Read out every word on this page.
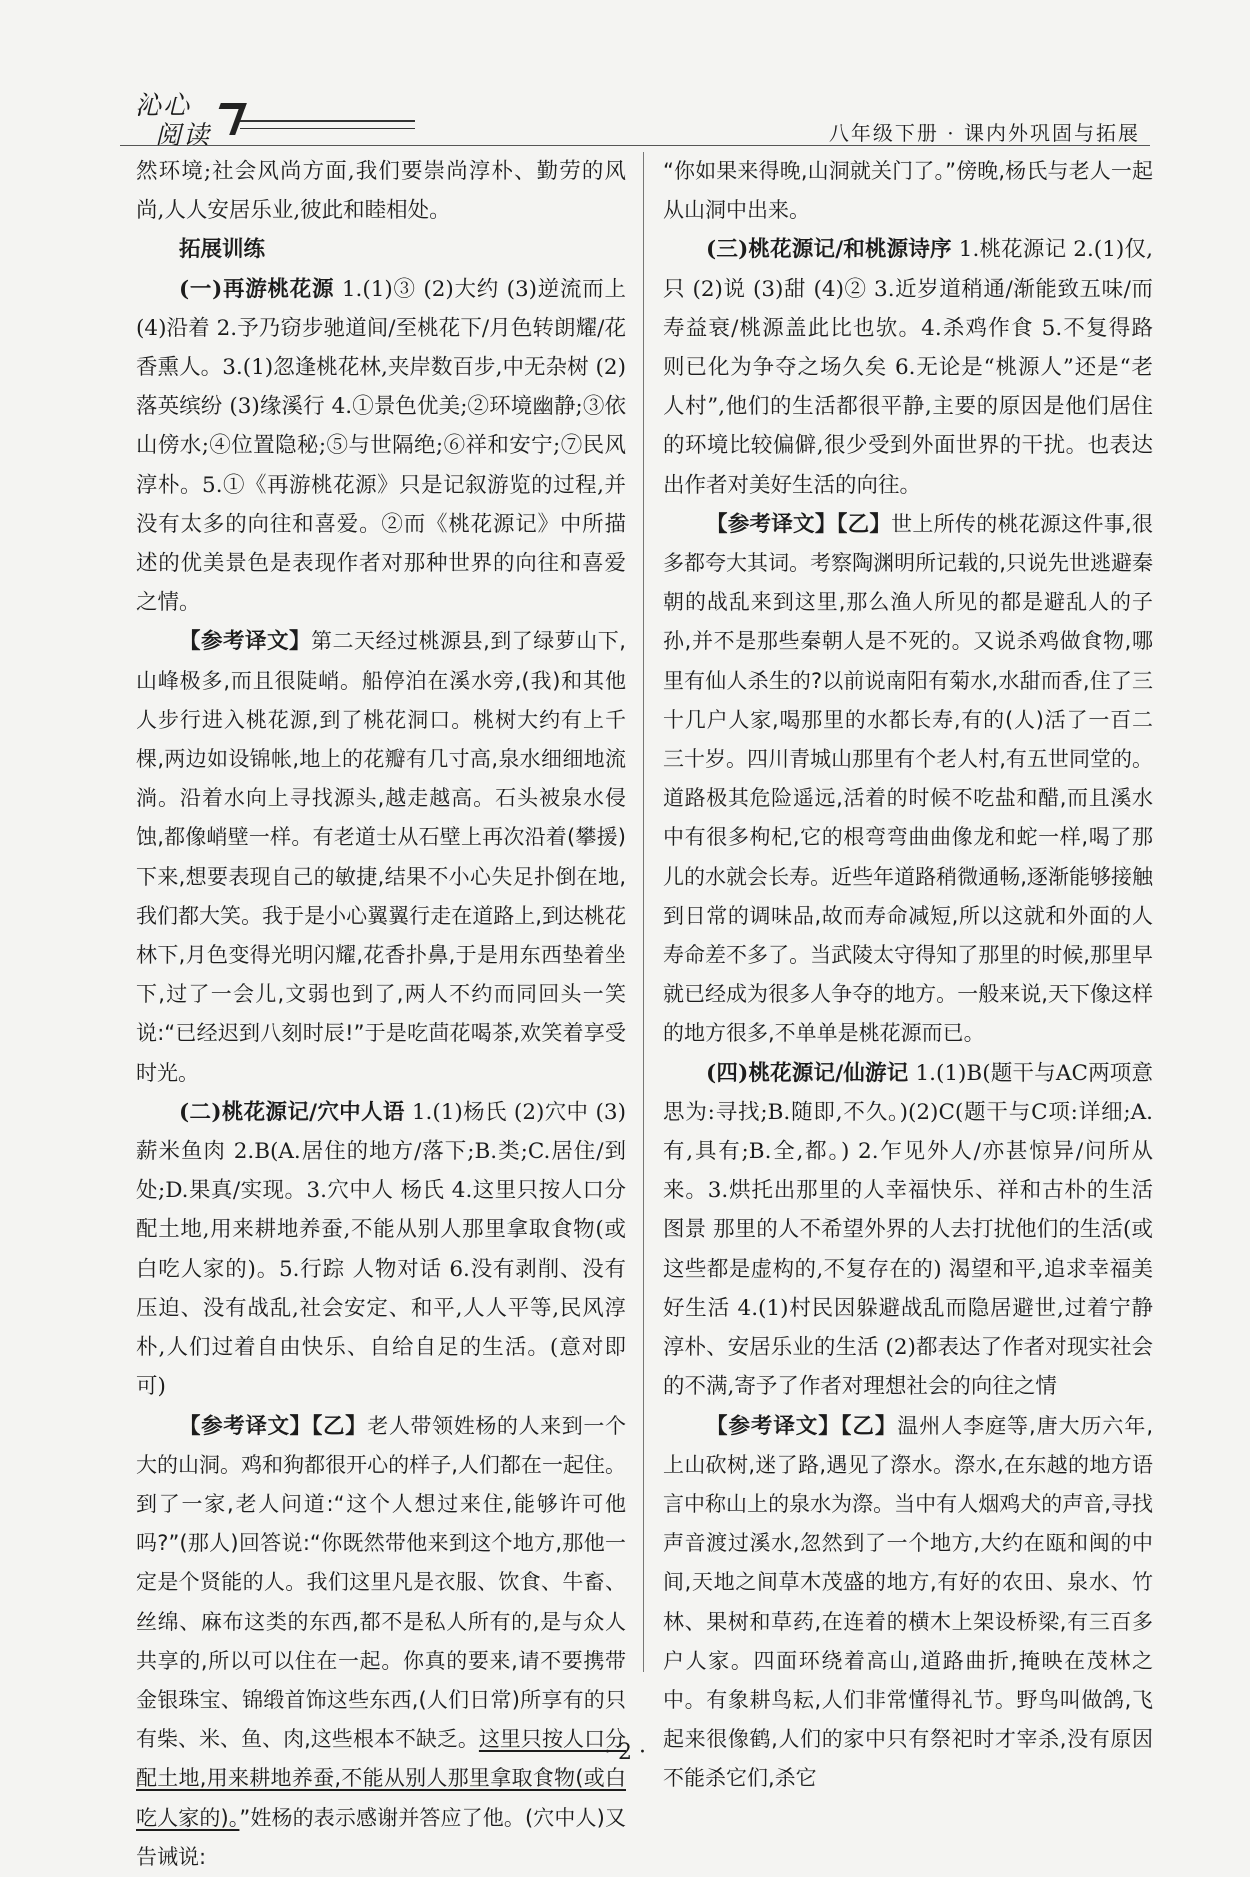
沁心
阅读	八年级下册 · 课内外巩固与拓展

然环境;社会风尚方面,我们要崇尚淳朴、勤劳的风尚,人人安居乐业,彼此和睦相处。

拓展训练

(一)再游桃花源 1.(1)③ (2)大约 (3)逆流而上 (4)沿着 2.予乃窃步驰道间/至桃花下/月色转朗耀/花香熏人。3.(1)忽逢桃花林,夹岸数百步,中无杂树 (2)落英缤纷 (3)缘溪行 4.①景色优美;②环境幽静;③依山傍水;④位置隐秘;⑤与世隔绝;⑥祥和安宁;⑦民风淳朴。5.①《再游桃花源》只是记叙游览的过程,并没有太多的向往和喜爱。②而《桃花源记》中所描述的优美景色是表现作者对那种世界的向往和喜爱之情。

【参考译文】第二天经过桃源县,到了绿萝山下,山峰极多,而且很陡峭。船停泊在溪水旁,(我)和其他人步行进入桃花源,到了桃花洞口。桃树大约有上千棵,两边如设锦帐,地上的花瓣有几寸高,泉水细细地流淌。沿着水向上寻找源头,越走越高。石头被泉水侵蚀,都像峭壁一样。有老道士从石壁上再次沿着(攀援)下来,想要表现自己的敏捷,结果不小心失足扑倒在地,我们都大笑。我于是小心翼翼行走在道路上,到达桃花林下,月色变得光明闪耀,花香扑鼻,于是用东西垫着坐下,过了一会儿,文弱也到了,两人不约而同回头一笑说:“已经迟到八刻时辰!”于是吃茴花喝茶,欢笑着享受时光。

(二)桃花源记/穴中人语 1.(1)杨氏 (2)穴中 (3)薪米鱼肉 2.B(A.居住的地方/落下;B.类;C.居住/到处;D.果真/实现。3.穴中人 杨氏 4.这里只按人口分配土地,用来耕地养蚕,不能从别人那里拿取食物(或白吃人家的)。5.行踪 人物对话 6.没有剥削、没有压迫、没有战乱,社会安定、和平,人人平等,民风淳朴,人们过着自由快乐、自给自足的生活。(意对即可)

【参考译文】【乙】老人带领姓杨的人来到一个大的山洞。鸡和狗都很开心的样子,人们都在一起住。到了一家,老人问道:“这个人想过来住,能够许可他吗?”(那人)回答说:“你既然带他来到这个地方,那他一定是个贤能的人。我们这里凡是衣服、饮食、牛畜、丝绵、麻布这类的东西,都不是私人所有的,是与众人共享的,所以可以住在一起。你真的要来,请不要携带金银珠宝、锦缎首饰这些东西,(人们日常)所享有的只有柴、米、鱼、肉,这些根本不缺乏。这里只按人口分配土地,用来耕地养蚕,不能从别人那里拿取食物(或白吃人家的)。”姓杨的表示感谢并答应了他。(穴中人)又告诫说:

“你如果来得晚,山洞就关门了。”傍晚,杨氏与老人一起从山洞中出来。

(三)桃花源记/和桃源诗序 1.桃花源记 2.(1)仅,只 (2)说 (3)甜 (4)② 3.近岁道稍通/渐能致五味/而寿益衰/桃源盖此比也欤。4.杀鸡作食 5.不复得路 则已化为争夺之场久矣 6.无论是“桃源人”还是“老人村”,他们的生活都很平静,主要的原因是他们居住的环境比较偏僻,很少受到外面世界的干扰。也表达出作者对美好生活的向往。

【参考译文】【乙】世上所传的桃花源这件事,很多都夸大其词。考察陶渊明所记载的,只说先世逃避秦朝的战乱来到这里,那么渔人所见的都是避乱人的子孙,并不是那些秦朝人是不死的。又说杀鸡做食物,哪里有仙人杀生的?以前说南阳有菊水,水甜而香,住了三十几户人家,喝那里的水都长寿,有的(人)活了一百二三十岁。四川青城山那里有个老人村,有五世同堂的。道路极其危险遥远,活着的时候不吃盐和醋,而且溪水中有很多枸杞,它的根弯弯曲曲像龙和蛇一样,喝了那儿的水就会长寿。近些年道路稍微通畅,逐渐能够接触到日常的调味品,故而寿命减短,所以这就和外面的人寿命差不多了。当武陵太守得知了那里的时候,那里早就已经成为很多人争夺的地方。一般来说,天下像这样的地方很多,不单单是桃花源而已。

(四)桃花源记/仙游记 1.(1)B(题干与AC两项意思为:寻找;B.随即,不久。)(2)C(题干与C项:详细;A.有,具有;B.全,都。) 2.乍见外人/亦甚惊异/问所从来。3.烘托出那里的人幸福快乐、祥和古朴的生活图景 那里的人不希望外界的人去打扰他们的生活(或这些都是虚构的,不复存在的) 渴望和平,追求幸福美好生活 4.(1)村民因躲避战乱而隐居避世,过着宁静淳朴、安居乐业的生活 (2)都表达了作者对现实社会的不满,寄予了作者对理想社会的向往之情

【参考译文】【乙】温州人李庭等,唐大历六年,上山砍树,迷了路,遇见了漈水。漈水,在东越的地方语言中称山上的泉水为漈。当中有人烟鸡犬的声音,寻找声音渡过溪水,忽然到了一个地方,大约在瓯和闽的中间,天地之间草木茂盛的地方,有好的农田、泉水、竹林、果树和草药,在连着的横木上架设桥梁,有三百多户人家。四面环绕着高山,道路曲折,掩映在茂林之中。有象耕鸟耘,人们非常懂得礼节。野鸟叫做鸽,飞起来很像鹤,人们的家中只有祭祀时才宰杀,没有原因不能杀它们,杀它

· 2 ·
